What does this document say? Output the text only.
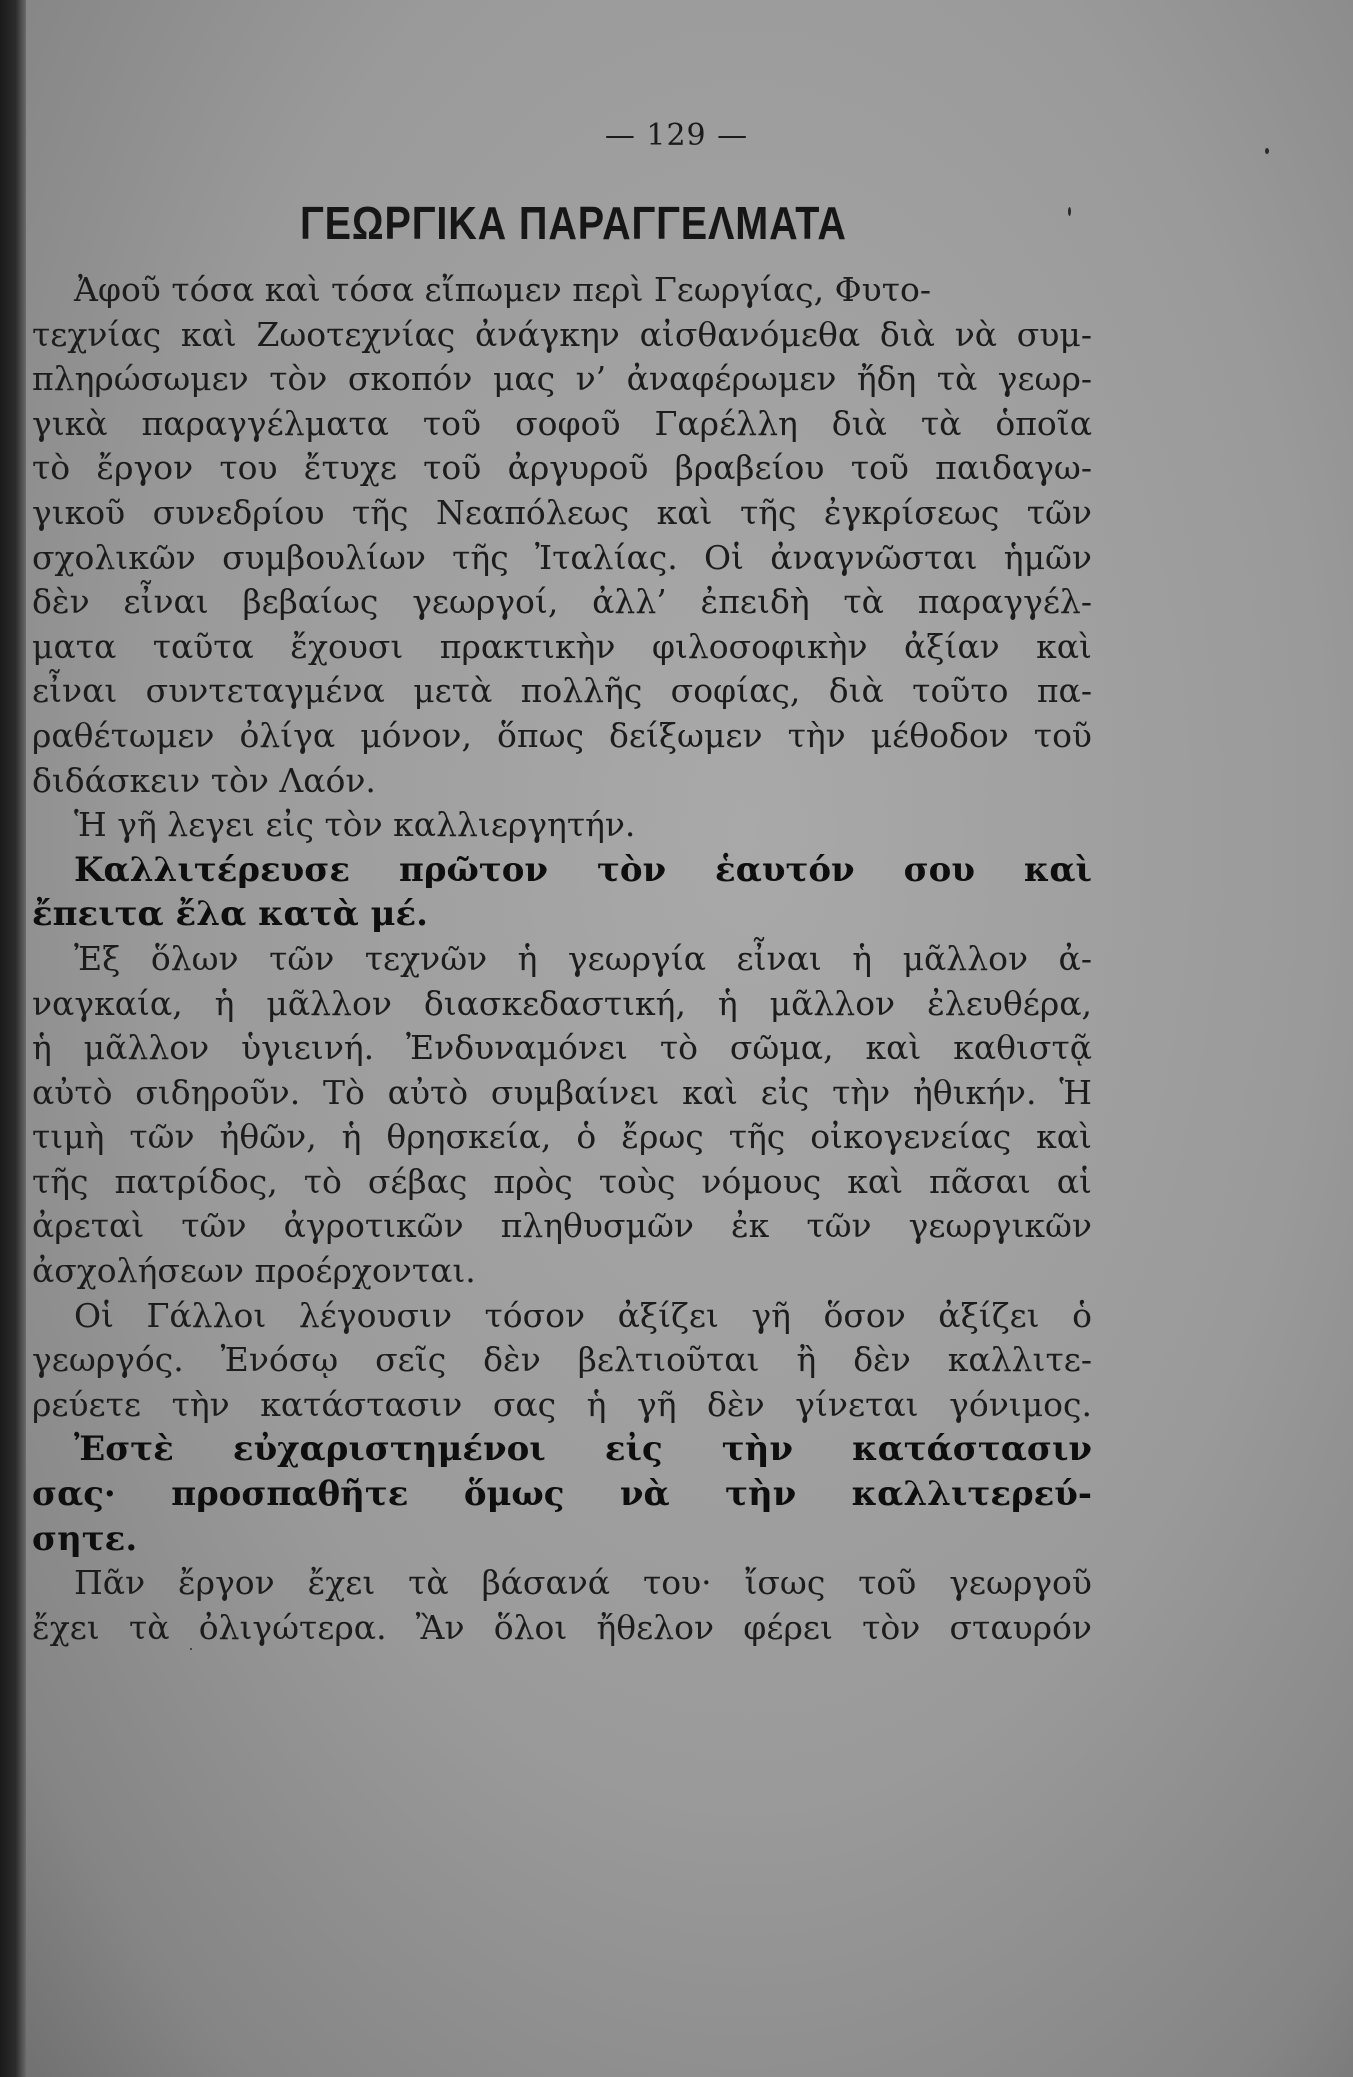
— 129 —
ΓΕΩΡΓΙΚΑ ΠΑΡΑΓΓΕΛΜΑΤΑ
Ἀφοῦ τόσα καὶ τόσα εἴπωμεν περὶ Γεωργίας, Φυτο-
τεχνίας καὶ Ζωοτεχνίας ἀνάγκην αἰσθανόμεθα διὰ νὰ συμ-
πληρώσωμεν τὸν σκοπόν μας ν’ ἀναφέρωμεν ἤδη τὰ γεωρ-
γικὰ παραγγέλματα τοῦ σοφοῦ Γαρέλλη διὰ τὰ ὁποῖα
τὸ ἔργον του ἔτυχε τοῦ ἀργυροῦ βραβείου τοῦ παιδαγω-
γικοῦ συνεδρίου τῆς Νεαπόλεως καὶ τῆς ἐγκρίσεως τῶν
σχολικῶν συμβουλίων τῆς Ἰταλίας. Οἱ ἀναγνῶσται ἡμῶν
δὲν εἶναι βεβαίως γεωργοί, ἀλλ’ ἐπειδὴ τὰ παραγγέλ-
ματα ταῦτα ἔχουσι πρακτικὴν φιλοσοφικὴν ἀξίαν καὶ
εἶναι συντεταγμένα μετὰ πολλῆς σοφίας, διὰ τοῦτο πα-
ραθέτωμεν ὀλίγα μόνον, ὅπως δείξωμεν τὴν μέθοδον τοῦ
διδάσκειν τὸν Λαόν.
Ἡ γῆ λεγει εἰς τὸν καλλιεργητήν.
Καλλιτέρευσε πρῶτον τὸν ἑαυτόν σου καὶ
ἔπειτα ἔλα κατὰ μέ.
Ἐξ ὅλων τῶν τεχνῶν ἡ γεωργία εἶναι ἡ μᾶλλον ἀ-
ναγκαία, ἡ μᾶλλον διασκεδαστική, ἡ μᾶλλον ἐλευθέρα,
ἡ μᾶλλον ὑγιεινή. Ἐνδυναμόνει τὸ σῶμα, καὶ καθιστᾷ
αὐτὸ σιδηροῦν. Τὸ αὐτὸ συμβαίνει καὶ εἰς τὴν ἠθικήν. Ἡ
τιμὴ τῶν ἠθῶν, ἡ θρησκεία, ὁ ἔρως τῆς οἰκογενείας καὶ
τῆς πατρίδος, τὸ σέβας πρὸς τοὺς νόμους καὶ πᾶσαι αἱ
ἀρεταὶ τῶν ἀγροτικῶν πληθυσμῶν ἐκ τῶν γεωργικῶν
ἀσχολήσεων προέρχονται.
Οἱ Γάλλοι λέγουσιν τόσον ἀξίζει γῆ ὅσον ἀξίζει ὁ
γεωργός. Ἐνόσῳ σεῖς δὲν βελτιοῦται ἢ δὲν καλλιτε-
ρεύετε τὴν κατάστασιν σας ἡ γῆ δὲν γίνεται γόνιμος.
Ἐστὲ εὐχαριστημένοι εἰς τὴν κατάστασιν
σας· προσπαθῆτε ὅμως νὰ τὴν καλλιτερεύ-
σητε.
Πᾶν ἔργον ἔχει τὰ βάσανά του· ἴσως τοῦ γεωργοῦ
ἔχει τὰ ὀλιγώτερα. Ἂν ὅλοι ἤθελον φέρει τὸν σταυρόν
